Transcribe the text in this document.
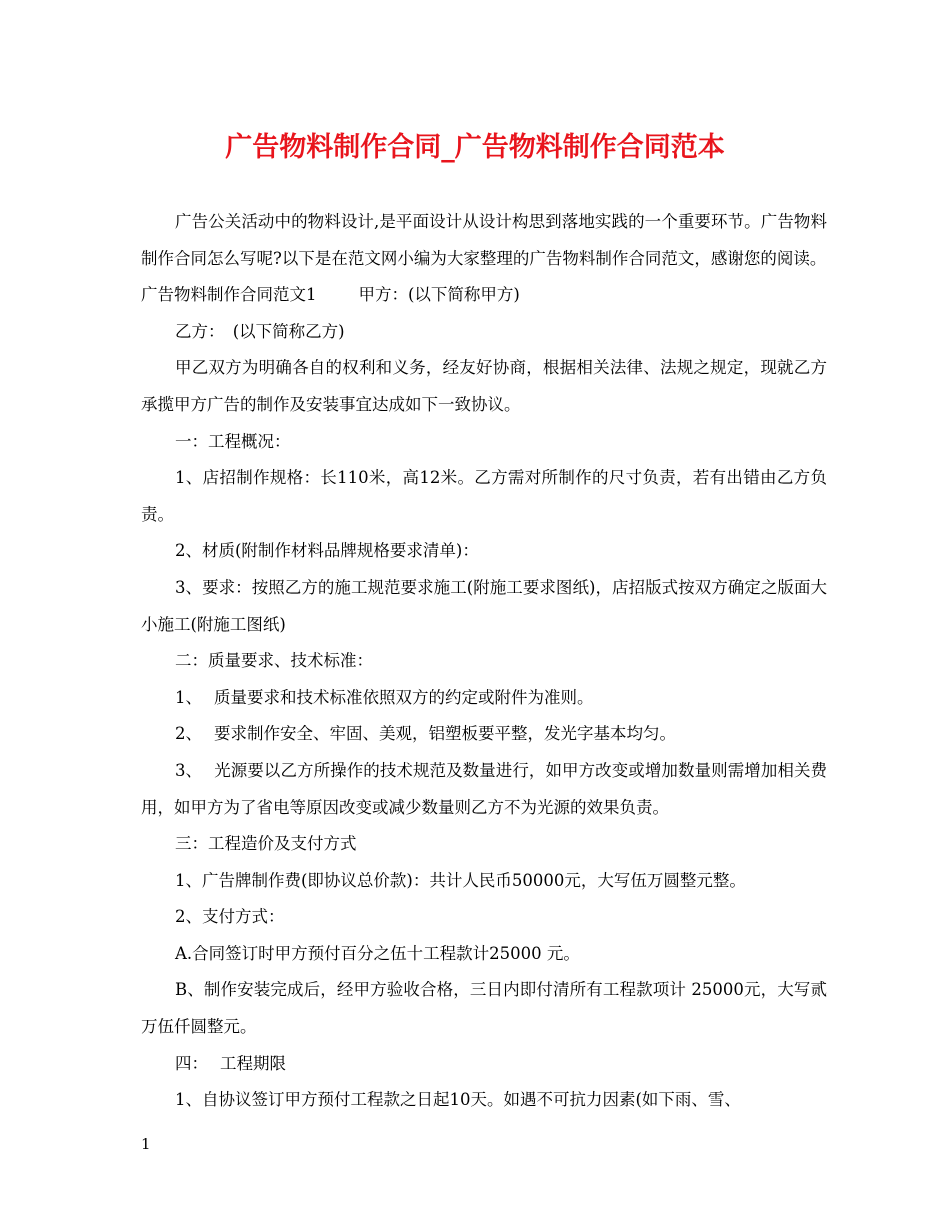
广告物料制作合同_广告物料制作合同范本

广告公关活动中的物料设计,是平面设计从设计构思到落地实践的一个重要环节。广告物料制作合同怎么写呢?以下是在范文网小编为大家整理的广告物料制作合同范文，感谢您的阅读。

广告物料制作合同范文1	甲方：(以下简称甲方)

乙方：　(以下简称乙方)

甲乙双方为明确各自的权利和义务，经友好协商，根据相关法律、法规之规定，现就乙方承揽甲方广告的制作及安装事宜达成如下一致协议。

一：工程概况：

1、店招制作规格：长110米，高12米。乙方需对所制作的尺寸负责，若有出错由乙方负责。

2、材质(附制作材料品牌规格要求清单)：

3、要求：按照乙方的施工规范要求施工(附施工要求图纸)，店招版式按双方确定之版面大小施工(附施工图纸)

二：质量要求、技术标准：

1、 质量要求和技术标准依照双方的约定或附件为准则。

2、 要求制作安全、牢固、美观，铝塑板要平整，发光字基本均匀。

3、 光源要以乙方所操作的技术规范及数量进行，如甲方改变或增加数量则需增加相关费用，如甲方为了省电等原因改变或减少数量则乙方不为光源的效果负责。

三：工程造价及支付方式

1、广告牌制作费(即协议总价款)：共计人民币50000元，大写伍万圆整元整。

2、支付方式：

A.合同签订时甲方预付百分之伍十工程款计25000 元。

B、制作安装完成后，经甲方验收合格，三日内即付清所有工程款项计 25000元，大写贰万伍仟圆整元。

四： 工程期限

1、自协议签订甲方预付工程款之日起10天。如遇不可抗力因素(如下雨、雪、

1
